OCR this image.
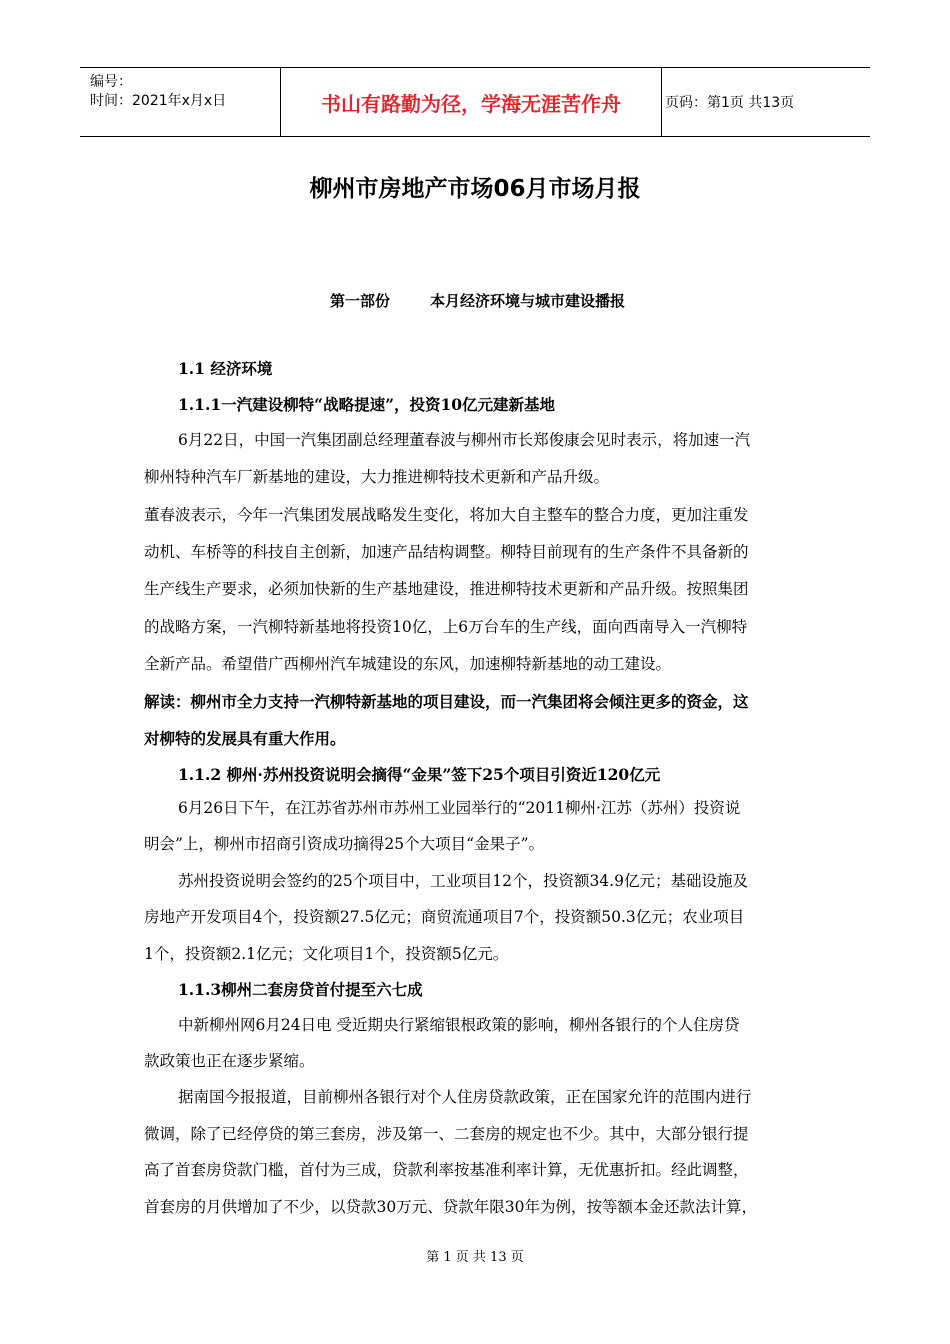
编号：
时间：2021年x月x日	书山有路勤为径，学海无涯苦作舟	页码：第1页 共13页
柳州市房地产市场06月市场月报
第一部份	本月经济环境与城市建设播报
1.1 经济环境
1.1.1一汽建设柳特“战略提速”，投资10亿元建新基地
6月22日，中国一汽集团副总经理董春波与柳州市长郑俊康会见时表示，将加速一汽
柳州特种汽车厂新基地的建设，大力推进柳特技术更新和产品升级。
董春波表示，今年一汽集团发展战略发生变化，将加大自主整车的整合力度，更加注重发
动机、车桥等的科技自主创新，加速产品结构调整。柳特目前现有的生产条件不具备新的
生产线生产要求，必须加快新的生产基地建设，推进柳特技术更新和产品升级。按照集团
的战略方案，一汽柳特新基地将投资10亿，上6万台车的生产线，面向西南导入一汽柳特
全新产品。希望借广西柳州汽车城建设的东风，加速柳特新基地的动工建设。
解读：柳州市全力支持一汽柳特新基地的项目建设，而一汽集团将会倾注更多的资金，这
对柳特的发展具有重大作用。
1.1.2 柳州·苏州投资说明会摘得“金果”签下25个项目引资近120亿元
6月26日下午，在江苏省苏州市苏州工业园举行的“2011柳州·江苏（苏州）投资说
明会”上，柳州市招商引资成功摘得25个大项目“金果子”。
苏州投资说明会签约的25个项目中，工业项目12个，投资额34.9亿元；基础设施及
房地产开发项目4个，投资额27.5亿元；商贸流通项目7个，投资额50.3亿元；农业项目
1个，投资额2.1亿元；文化项目1个，投资额5亿元。
1.1.3柳州二套房贷首付提至六七成
中新柳州网6月24日电 受近期央行紧缩银根政策的影响，柳州各银行的个人住房贷
款政策也正在逐步紧缩。
据南国今报报道，目前柳州各银行对个人住房贷款政策，正在国家允许的范围内进行
微调，除了已经停贷的第三套房，涉及第一、二套房的规定也不少。其中，大部分银行提
高了首套房贷款门槛，首付为三成，贷款利率按基准利率计算，无优惠折扣。经此调整，
首套房的月供增加了不少，以贷款30万元、贷款年限30年为例，按等额本金还款法计算，
第 1 页 共 13 页
